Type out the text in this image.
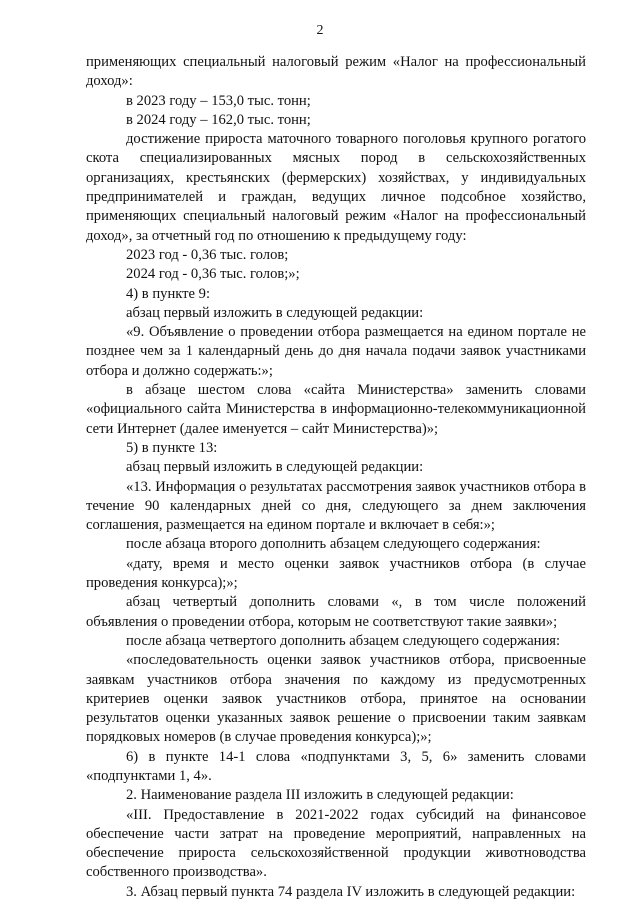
2

применяющих специальный налоговый режим «Налог на профессиональный доход»:

в 2023 году – 153,0 тыс. тонн;

в 2024 году – 162,0 тыс. тонн;

достижение прироста маточного товарного поголовья крупного рогатого скота специализированных мясных пород в сельскохозяйственных организациях, крестьянских (фермерских) хозяйствах, у индивидуальных предпринимателей и граждан, ведущих личное подсобное хозяйство, применяющих специальный налоговый режим «Налог на профессиональный доход», за отчетный год по отношению к предыдущему году:

2023 год - 0,36 тыс. голов;

2024 год - 0,36 тыс. голов;»;

4) в пункте 9:

абзац первый изложить в следующей редакции:

«9. Объявление о проведении отбора размещается на едином портале не позднее чем за 1 календарный день до дня начала подачи заявок участниками отбора и должно содержать:»;

в абзаце шестом слова «сайта Министерства» заменить словами «официального сайта Министерства в информационно-телекоммуникационной сети Интернет (далее именуется – сайт Министерства)»;

5) в пункте 13:

абзац первый изложить в следующей редакции:

«13. Информация о результатах рассмотрения заявок участников отбора в течение 90 календарных дней со дня, следующего за днем заключения соглашения, размещается на едином портале и включает в себя:»;

после абзаца второго дополнить абзацем следующего содержания:

«дату, время и место оценки заявок участников отбора (в случае проведения конкурса);»;

абзац четвертый дополнить словами «, в том числе положений объявления о проведении отбора, которым не соответствуют такие заявки»;

после абзаца четвертого дополнить абзацем следующего содержания:

«последовательность оценки заявок участников отбора, присвоенные заявкам участников отбора значения по каждому из предусмотренных критериев оценки заявок участников отбора, принятое на основании результатов оценки указанных заявок решение о присвоении таким заявкам порядковых номеров (в случае проведения конкурса);»;

6) в пункте 14-1 слова «подпунктами 3, 5, 6» заменить словами «подпунктами 1, 4».

2. Наименование раздела III изложить в следующей редакции:

«III. Предоставление в 2021-2022 годах субсидий на финансовое обеспечение части затрат на проведение мероприятий, направленных на обеспечение прироста сельскохозяйственной продукции животноводства собственного производства».

3. Абзац первый пункта 74 раздела IV изложить в следующей редакции:
